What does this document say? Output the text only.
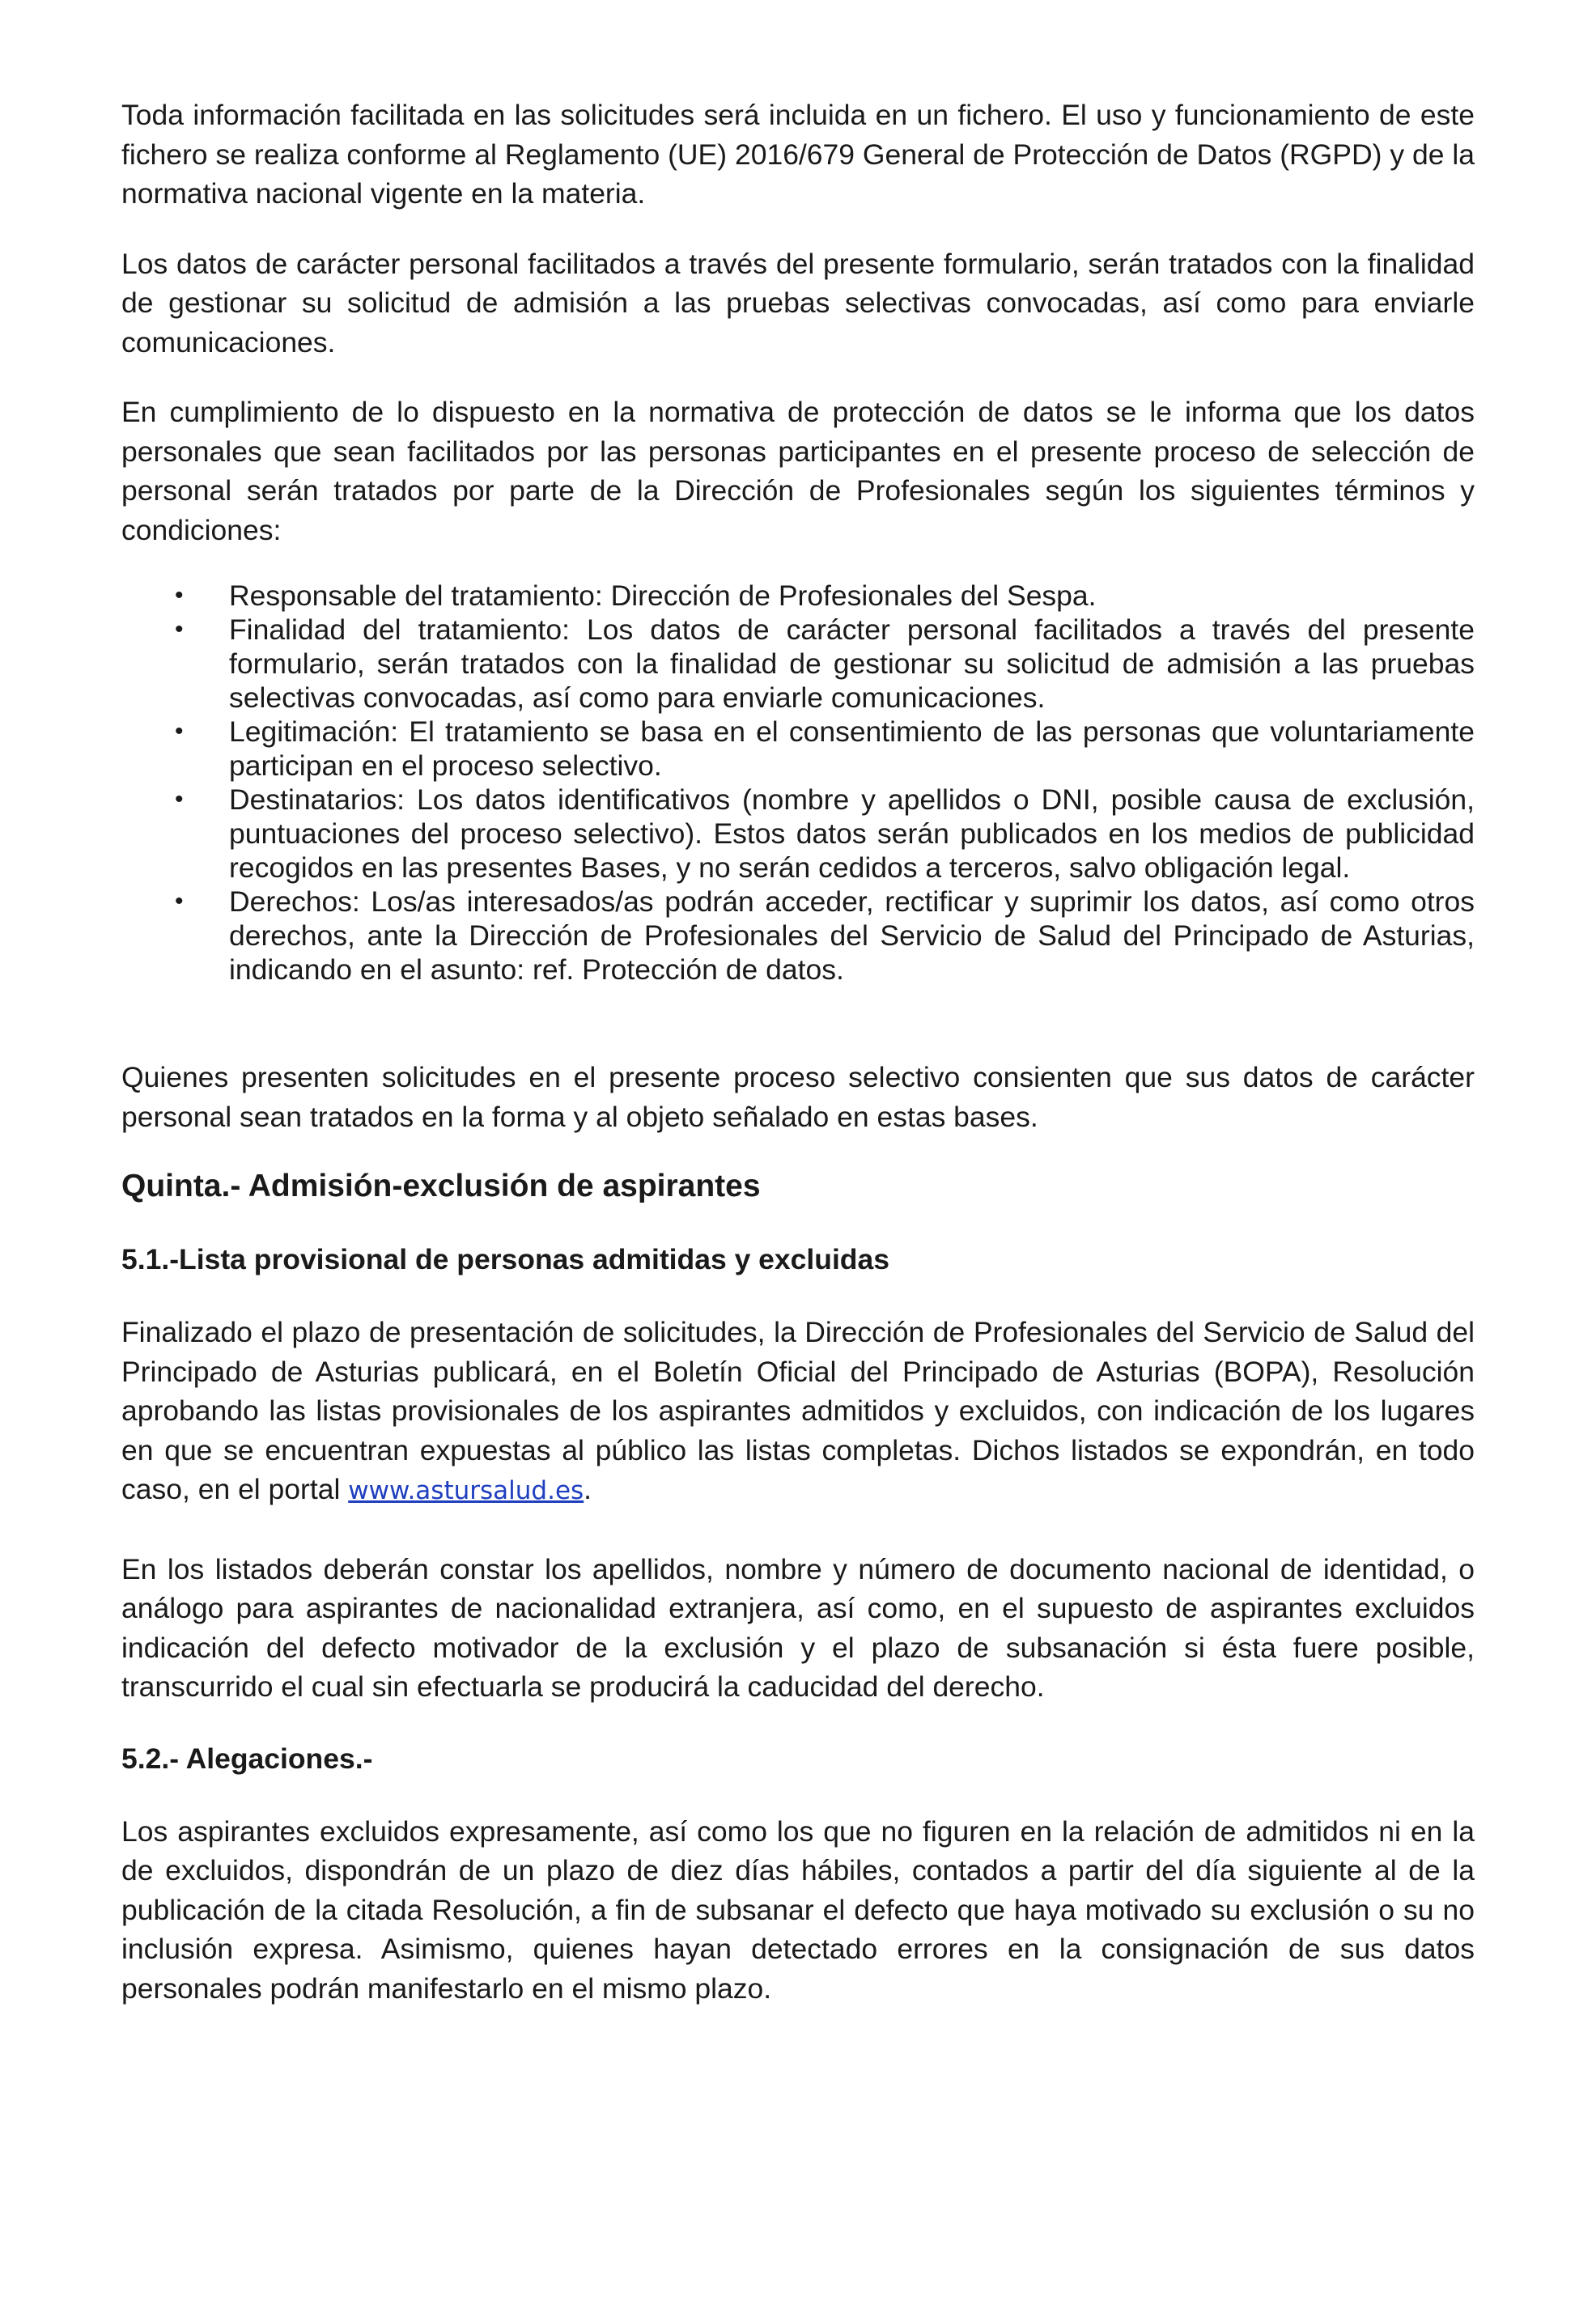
Toda información facilitada en las solicitudes será incluida en un fichero. El uso y funcionamiento de este fichero se realiza conforme al Reglamento (UE) 2016/679 General de Protección de Datos (RGPD) y de la normativa nacional vigente en la materia.

Los datos de carácter personal facilitados a través del presente formulario, serán tratados con la finalidad de gestionar su solicitud de admisión a las pruebas selectivas convocadas, así como para enviarle comunicaciones.

En cumplimiento de lo dispuesto en la normativa de protección de datos se le informa que los datos personales que sean facilitados por las personas participantes en el presente proceso de selección de personal serán tratados por parte de la Dirección de Profesionales según los siguientes términos y condiciones:

• Responsable del tratamiento: Dirección de Profesionales del Sespa.
• Finalidad del tratamiento: Los datos de carácter personal facilitados a través del presente formulario, serán tratados con la finalidad de gestionar su solicitud de admisión a las pruebas selectivas convocadas, así como para enviarle comunicaciones.
• Legitimación: El tratamiento se basa en el consentimiento de las personas que voluntariamente participan en el proceso selectivo.
• Destinatarios: Los datos identificativos (nombre y apellidos o DNI, posible causa de exclusión, puntuaciones del proceso selectivo). Estos datos serán publicados en los medios de publicidad recogidos en las presentes Bases, y no serán cedidos a terceros, salvo obligación legal.
• Derechos: Los/as interesados/as podrán acceder, rectificar y suprimir los datos, así como otros derechos, ante la Dirección de Profesionales del Servicio de Salud del Principado de Asturias, indicando en el asunto: ref. Protección de datos.

Quienes presenten solicitudes en el presente proceso selectivo consienten que sus datos de carácter personal sean tratados en la forma y al objeto señalado en estas bases.

Quinta.- Admisión-exclusión de aspirantes
5.1.-Lista provisional de personas admitidas y excluidas

Finalizado el plazo de presentación de solicitudes, la Dirección de Profesionales del Servicio de Salud del Principado de Asturias publicará, en el Boletín Oficial del Principado de Asturias (BOPA), Resolución aprobando las listas provisionales de los aspirantes admitidos y excluidos, con indicación de los lugares en que se encuentran expuestas al público las listas completas. Dichos listados se expondrán, en todo caso, en el portal www.astursalud.es.

En los listados deberán constar los apellidos, nombre y número de documento nacional de identidad, o análogo para aspirantes de nacionalidad extranjera, así como, en el supuesto de aspirantes excluidos indicación del defecto motivador de la exclusión y el plazo de subsanación si ésta fuere posible, transcurrido el cual sin efectuarla se producirá la caducidad del derecho.

5.2.- Alegaciones.-

Los aspirantes excluidos expresamente, así como los que no figuren en la relación de admitidos ni en la de excluidos, dispondrán de un plazo de diez días hábiles, contados a partir del día siguiente al de la publicación de la citada Resolución, a fin de subsanar el defecto que haya motivado su exclusión o su no inclusión expresa. Asimismo, quienes hayan detectado errores en la consignación de sus datos personales podrán manifestarlo en el mismo plazo.
